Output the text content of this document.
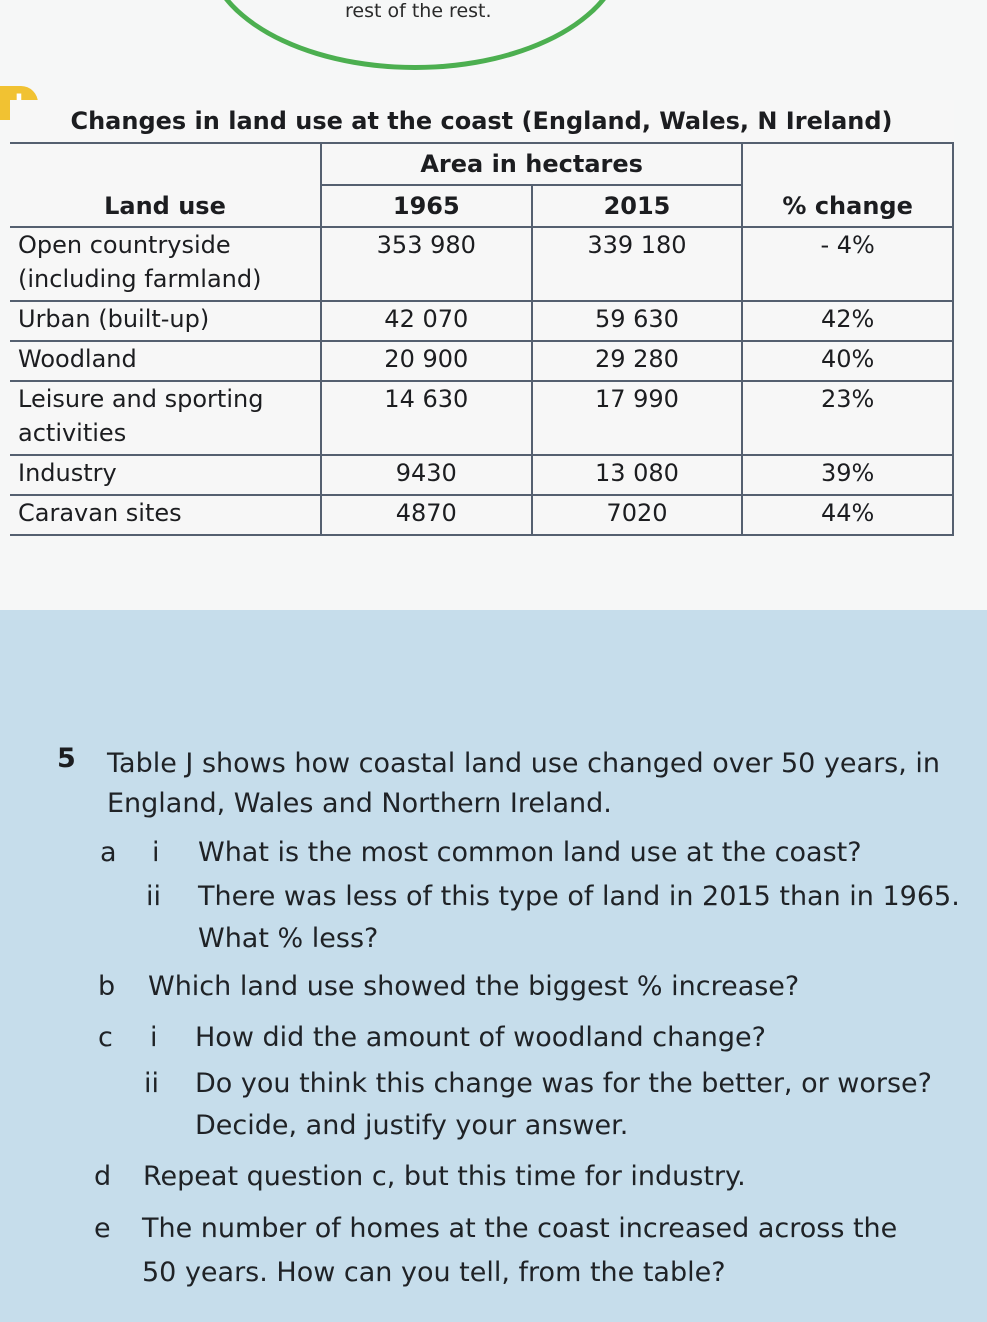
rest of the rest.
Changes in land use at the coast (England, Wales, N Ireland)			
Land use	Area in hectares		% change
	1965	2015	
Open countryside (including farmland)	353 980	339 180	- 4%
Urban (built-up)	42 070	59 630	42%
Woodland	20 900	29 280	40%
Leisure and sporting activities	14 630	17 990	23%
Industry	9430	13 080	39%
Caravan sites	4870	7020	44%
5 Table J shows how coastal land use changed over 50 years, in
England, Wales and Northern Ireland.
a i What is the most common land use at the coast?
ii There was less of this type of land in 2015 than in 1965.
What % less?
b Which land use showed the biggest % increase?
c i How did the amount of woodland change?
ii Do you think this change was for the better, or worse?
Decide, and justify your answer.
d Repeat question c, but this time for industry.
e The number of homes at the coast increased across the
50 years. How can you tell, from the table?
